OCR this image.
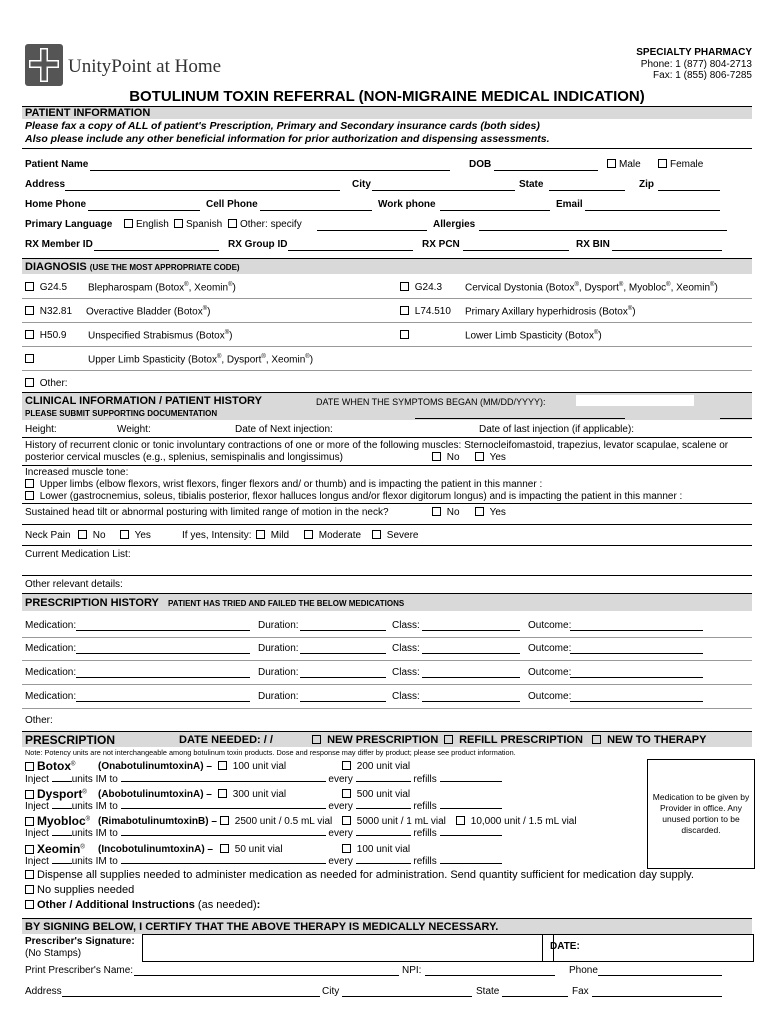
UnityPoint at Home
SPECIALTY PHARMACY
Phone: 1 (877) 804-2713
Fax: 1 (855) 806-7285
BOTULINUM TOXIN REFERRAL (NON-MIGRAINE MEDICAL INDICATION)
PATIENT INFORMATION
Please fax a copy of ALL of patient's Prescription, Primary and Secondary insurance cards (both sides)
Also please include any other beneficial information for prior authorization and dispensing assessments.
Patient Name	DOB	Male	Female
Address	City	State	Zip
Home Phone	Cell Phone	Work phone	Email
Primary Language	English	Spanish	Other: specify	Allergies
RX Member ID	RX Group ID	RX PCN	RX BIN
DIAGNOSIS (USE THE MOST APPROPRIATE CODE)
G24.5 Blepharospam (Botox®, Xeomin®)	G24.3 Cervical Dystonia (Botox®, Dysport®, Myobloc®, Xeomin®)
N32.81 Overactive Bladder (Botox®)	L74.510 Primary Axillary hyperhidrosis (Botox®)
H50.9 Unspecified Strabismus (Botox®)	Lower Limb Spasticity (Botox®)
Upper Limb Spasticity (Botox®, Dysport®, Xeomin®)
Other:
CLINICAL INFORMATION / PATIENT HISTORY
PLEASE SUBMIT SUPPORTING DOCUMENTATION
DATE WHEN THE SYMPTOMS BEGAN (MM/DD/YYYY):
Height:	Weight:	Date of Next injection:	Date of last injection (if applicable):
History of recurrent clonic or tonic involuntary contractions of one or more of the following muscles: Sternocleifomastoid, trapezius, levator scapulae, scalene or
posterior cervical muscles (e.g., splenius, semispinalis and longissimus)	No	Yes
Increased muscle tone:
Upper limbs (elbow flexors, wrist flexors, finger flexors and/ or thumb) and is impacting the patient in this manner :
Lower (gastrocnemius, soleus, tibialis posterior, flexor halluces longus and/or flexor digitorum longus) and is impacting the patient in this manner :
Sustained head tilt or abnormal posturing with limited range of motion in the neck?	No	Yes
Neck Pain	No	Yes	If yes, Intensity:	Mild	Moderate	Severe
Current Medication List:
Other relevant details:
PRESCRIPTION HISTORY PATIENT HAS TRIED AND FAILED THE BELOW MEDICATIONS
Medication:	Duration:	Class:	Outcome:
Medication:	Duration:	Class:	Outcome:
Medication:	Duration:	Class:	Outcome:
Medication:	Duration:	Class:	Outcome:
Other:
PRESCRIPTION	DATE NEEDED: / /	NEW PRESCRIPTION	REFILL PRESCRIPTION	NEW TO THERAPY
Note: Potency units are not interchangeable among botulinum toxin products. Dose and response may differ by product; please see product information.
Botox® (OnabotulinumtoxinA) –	100 unit vial	200 unit vial
Inject units IM to	every	refills
Dysport® (AbobotulinumtoxinA) –	300 unit vial	500 unit vial
Inject units IM to	every	refills
Myobloc® (RimabotulinumtoxinB) –	2500 unit / 0.5 mL vial	5000 unit / 1 mL vial	10,000 unit / 1.5 mL vial
Inject units IM to	every	refills
Xeomin® (IncobotulinumtoxinA) –	50 unit vial	100 unit vial
Inject units IM to	every	refills
Medication to be given by Provider in office. Any unused portion to be discarded.
Dispense all supplies needed to administer medication as needed for administration. Send quantity sufficient for medication day supply.
No supplies needed
Other / Additional Instructions (as needed):
BY SIGNING BELOW, I CERTIFY THAT THE ABOVE THERAPY IS MEDICALLY NECESSARY.
Prescriber's Signature:
(No Stamps)
DATE:
Print Prescriber's Name:	NPI:	Phone
Address	City	State	Fax
